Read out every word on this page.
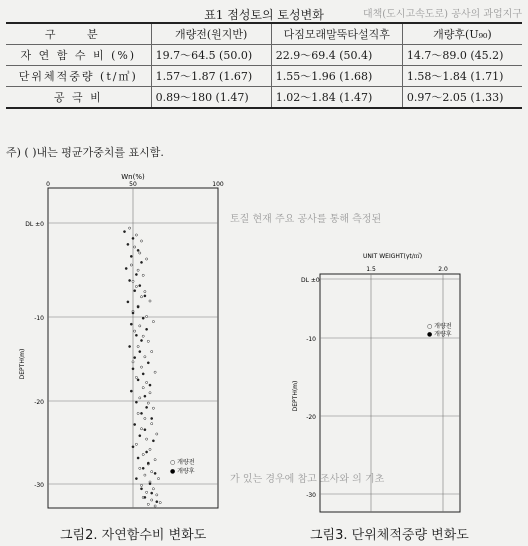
대책(도시고속도로) 공사의 과업지구
표1 점성토의 토성변화
구 분	개량전(원지반)	다짐모래말뚝타설직후	개량후(U₉₀)
자 연 함 수 비 (%)	19.7～64.5 (50.0)	22.9～69.4 (50.4)	14.7～89.0 (45.2)
단위체적중량 (t/㎥)	1.57～1.87 (1.67)	1.55～1.96 (1.68)	1.58～1.84 (1.71)
공 극 비	0.89～180 (1.47)	1.02～1.84 (1.47)	0.97～2.05 (1.33)
주) ( )내는 평균가중치를 표시함.
토질 현재 주요 공사를 통해 측정된
가 있는 경우에 참고 조사와 의 기초
Wn(%)
0	50	100
DL ±0
-10
-20
-30
DEPTH(m)
○ 개량전
● 개량후
그림2. 자연함수비 변화도
UNIT WEIGHT(γt/㎥)
1.5	2.0
DL ±0
-10
-20
-30
DEPTH(m)
○ 개량전
● 개량후
그림3. 단위체적중량 변화도
